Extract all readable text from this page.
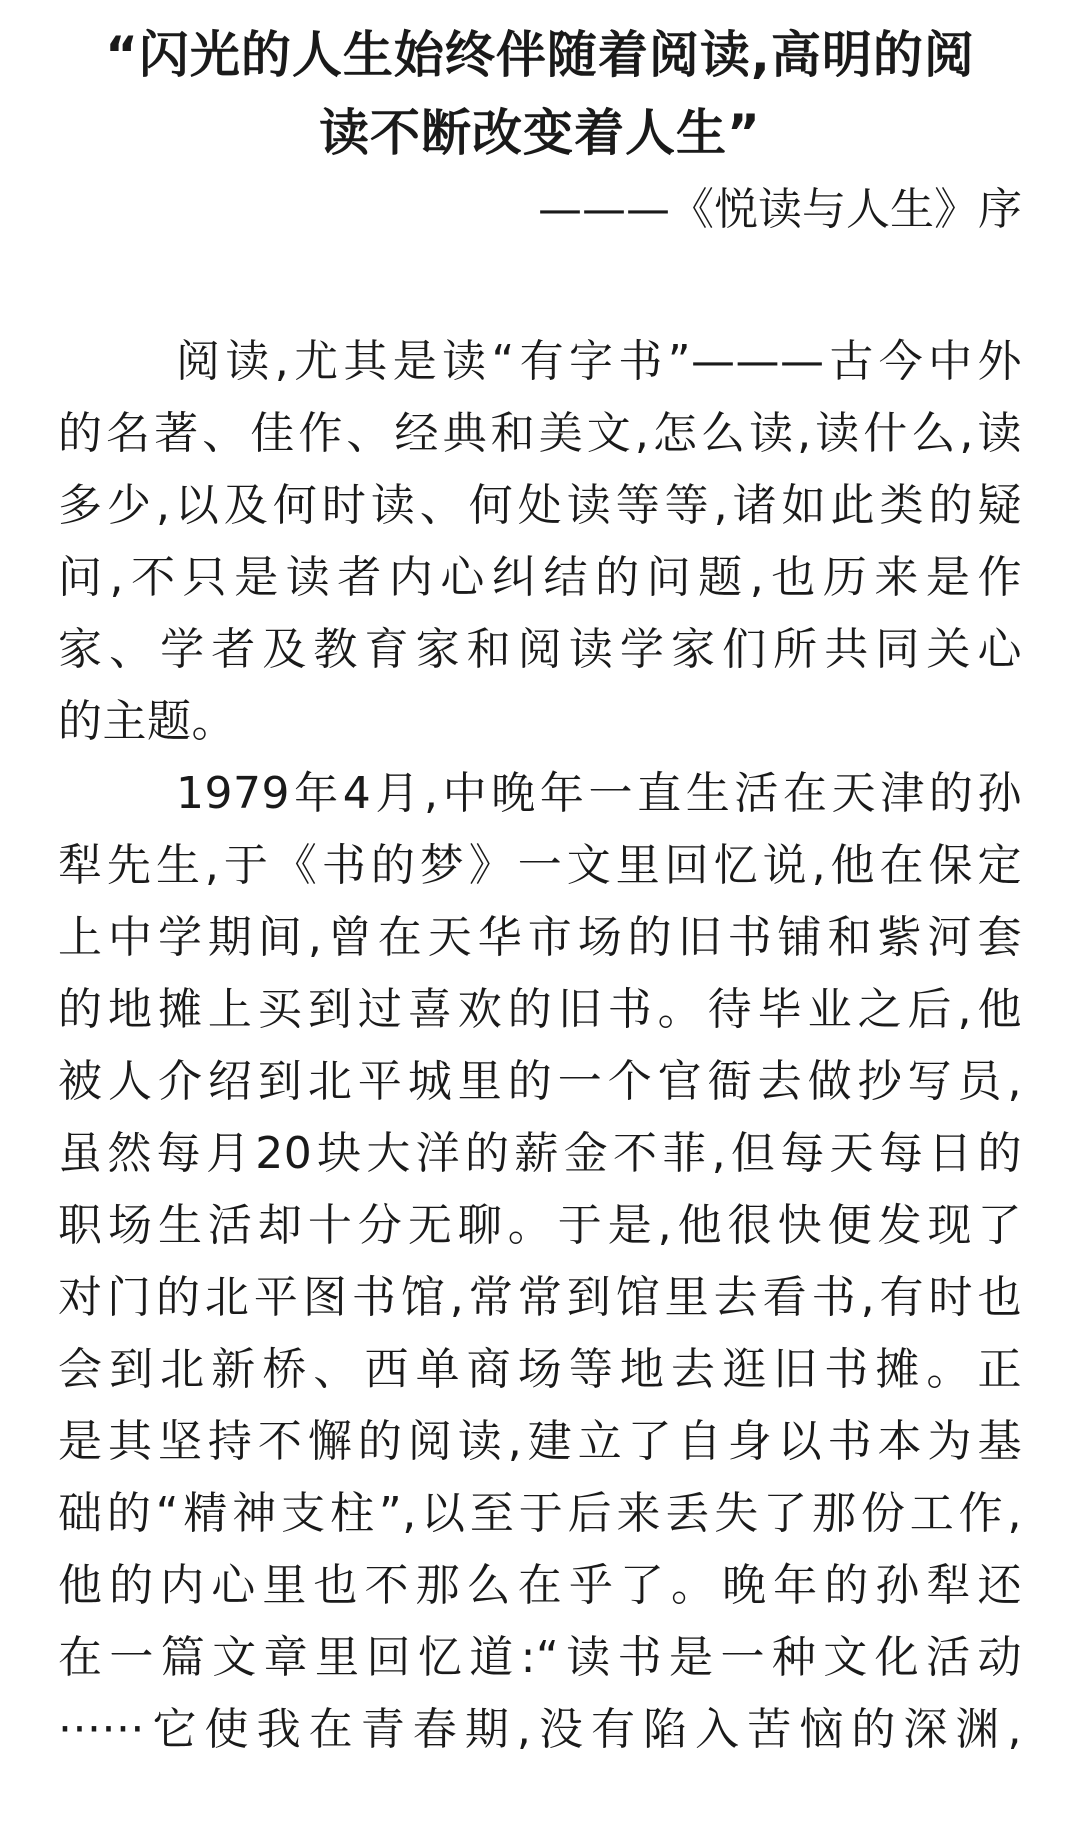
“闪光的人生始终伴随着阅读,高明的阅
读不断改变着人生”
———《悦读与人生》序
阅读,尤其是读“有字书”———古今中外
的名著、佳作、经典和美文,怎么读,读什么,读
多少,以及何时读、何处读等等,诸如此类的疑
问,不只是读者内心纠结的问题,也历来是作
家、学者及教育家和阅读学家们所共同关心
的主题。
1979年4月,中晚年一直生活在天津的孙
犁先生,于《书的梦》一文里回忆说,他在保定
上中学期间,曾在天华市场的旧书铺和紫河套
的地摊上买到过喜欢的旧书。待毕业之后,他
被人介绍到北平城里的一个官衙去做抄写员,
虽然每月20块大洋的薪金不菲,但每天每日的
职场生活却十分无聊。于是,他很快便发现了
对门的北平图书馆,常常到馆里去看书,有时也
会到北新桥、西单商场等地去逛旧书摊。正
是其坚持不懈的阅读,建立了自身以书本为基
础的“精神支柱”,以至于后来丢失了那份工作,
他的内心里也不那么在乎了。晚年的孙犁还
在一篇文章里回忆道:“读书是一种文化活动
······它使我在青春期,没有陷入苦恼的深渊,
